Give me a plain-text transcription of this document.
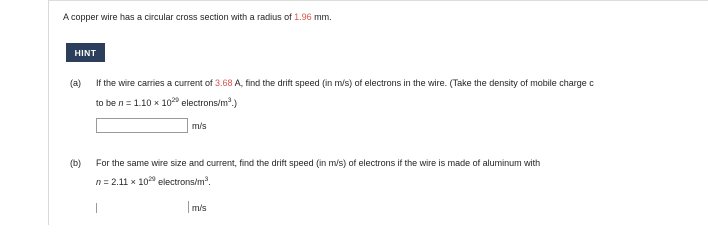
A copper wire has a circular cross section with a radius of 1.96 mm.
HINT
(a) If the wire carries a current of 3.68 A, find the drift speed (in m/s) of electrons in the wire. (Take the density of mobile charge c
to be $n = 1.10 \times 10^{29}$ electrons/$m^3$.)
m/s
(b) For the same wire size and current, find the drift speed (in m/s) of electrons if the wire is made of aluminum with
$n = 2.11 \times 10^{29}$ electrons/$m^3$.
m/s
